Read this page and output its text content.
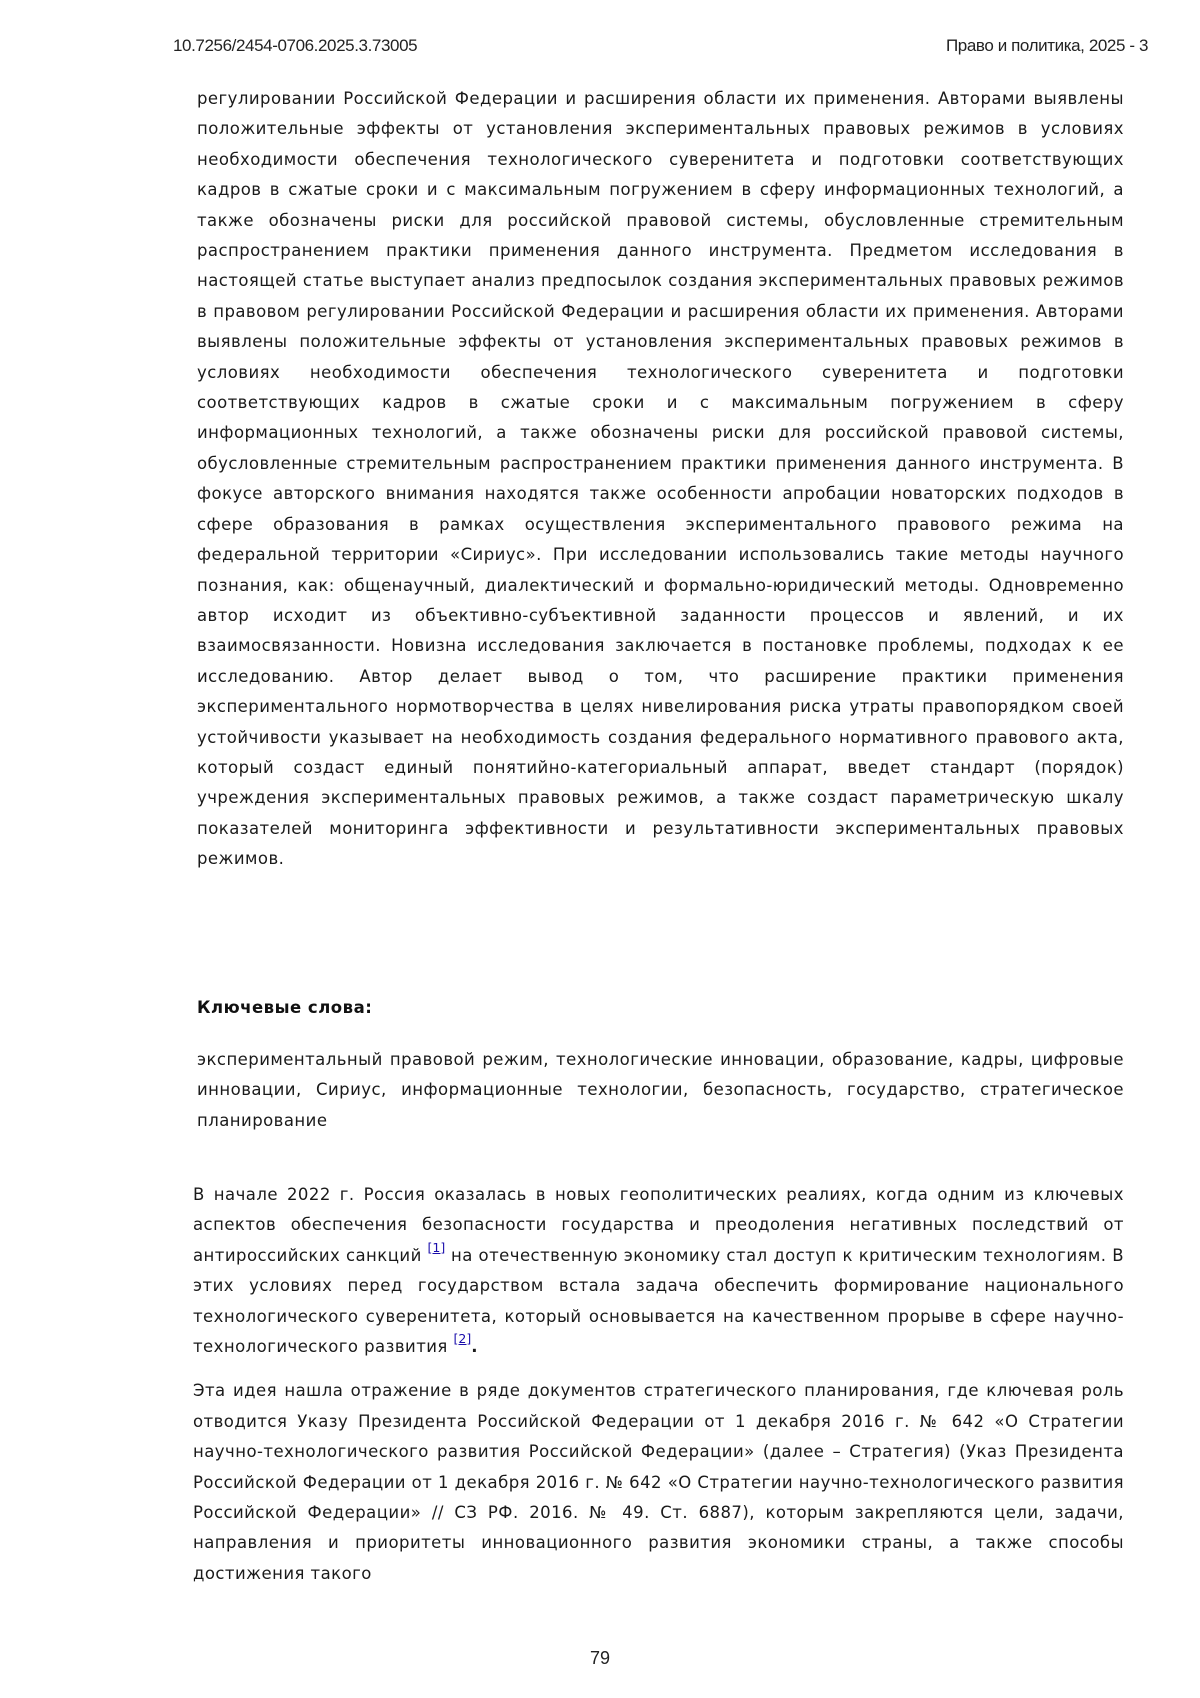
10.7256/2454-0706.2025.3.73005	Право и политика, 2025 - 3

регулировании Российской Федерации и расширения области их применения. Авторами выявлены положительные эффекты от установления экспериментальных правовых режимов в условиях необходимости обеспечения технологического суверенитета и подготовки соответствующих кадров в сжатые сроки и с максимальным погружением в сферу информационных технологий, а также обозначены риски для российской правовой системы, обусловленные стремительным распространением практики применения данного инструмента. Предметом исследования в настоящей статье выступает анализ предпосылок создания экспериментальных правовых режимов в правовом регулировании Российской Федерации и расширения области их применения. Авторами выявлены положительные эффекты от установления экспериментальных правовых режимов в условиях необходимости обеспечения технологического суверенитета и подготовки соответствующих кадров в сжатые сроки и с максимальным погружением в сферу информационных технологий, а также обозначены риски для российской правовой системы, обусловленные стремительным распространением практики применения данного инструмента. В фокусе авторского внимания находятся также особенности апробации новаторских подходов в сфере образования в рамках осуществления экспериментального правового режима на федеральной территории «Сириус». При исследовании использовались такие методы научного познания, как: общенаучный, диалектический и формально-юридический методы. Одновременно автор исходит из объективно-субъективной заданности процессов и явлений, и их взаимосвязанности. Новизна исследования заключается в постановке проблемы, подходах к ее исследованию. Автор делает вывод о том, что расширение практики применения экспериментального нормотворчества в целях нивелирования риска утраты правопорядком своей устойчивости указывает на необходимость создания федерального нормативного правового акта, который создаст единый понятийно-категориальный аппарат, введет стандарт (порядок) учреждения экспериментальных правовых режимов, а также создаст параметрическую шкалу показателей мониторинга эффективности и результативности экспериментальных правовых режимов.

Ключевые слова:

экспериментальный правовой режим, технологические инновации, образование, кадры, цифровые инновации, Сириус, информационные технологии, безопасность, государство, стратегическое планирование

В начале 2022 г. Россия оказалась в новых геополитических реалиях, когда одним из ключевых аспектов обеспечения безопасности государства и преодоления негативных последствий от антироссийских санкций [1] на отечественную экономику стал доступ к критическим технологиям. В этих условиях перед государством встала задача обеспечить формирование национального технологического суверенитета, который основывается на качественном прорыве в сфере научно-технологического развития [2].

Эта идея нашла отражение в ряде документов стратегического планирования, где ключевая роль отводится Указу Президента Российской Федерации от 1 декабря 2016 г. № 642 «О Стратегии научно-технологического развития Российской Федерации» (далее – Стратегия) (Указ Президента Российской Федерации от 1 декабря 2016 г. № 642 «О Стратегии научно-технологического развития Российской Федерации» // СЗ РФ. 2016. № 49. Ст. 6887), которым закрепляются цели, задачи, направления и приоритеты инновационного развития экономики страны, а также способы достижения такого

79
